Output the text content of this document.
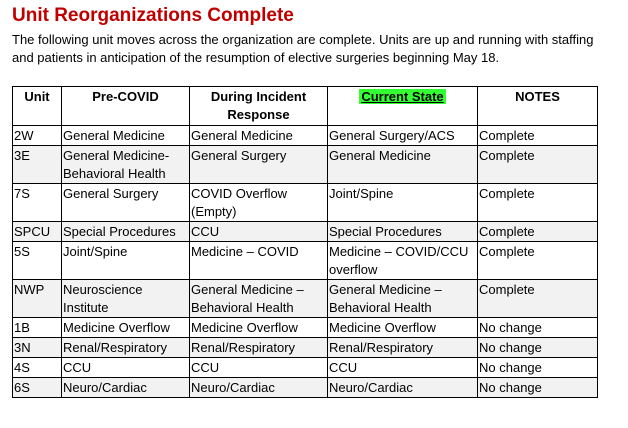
Unit Reorganizations Complete
The following unit moves across the organization are complete. Units are up and running with staffing and patients in anticipation of the resumption of elective surgeries beginning May 18.
Unit	Pre-COVID	During Incident Response	Current State	NOTES
2W	General Medicine	General Medicine	General Surgery/ACS	Complete
3E	General Medicine-Behavioral Health	General Surgery	General Medicine	Complete
7S	General Surgery	COVID Overflow (Empty)	Joint/Spine	Complete
SPCU	Special Procedures	CCU	Special Procedures	Complete
5S	Joint/Spine	Medicine – COVID	Medicine – COVID/CCU overflow	Complete
NWP	Neuroscience Institute	General Medicine – Behavioral Health	General Medicine – Behavioral Health	Complete
1B	Medicine Overflow	Medicine Overflow	Medicine Overflow	No change
3N	Renal/Respiratory	Renal/Respiratory	Renal/Respiratory	No change
4S	CCU	CCU	CCU	No change
6S	Neuro/Cardiac	Neuro/Cardiac	Neuro/Cardiac	No change
